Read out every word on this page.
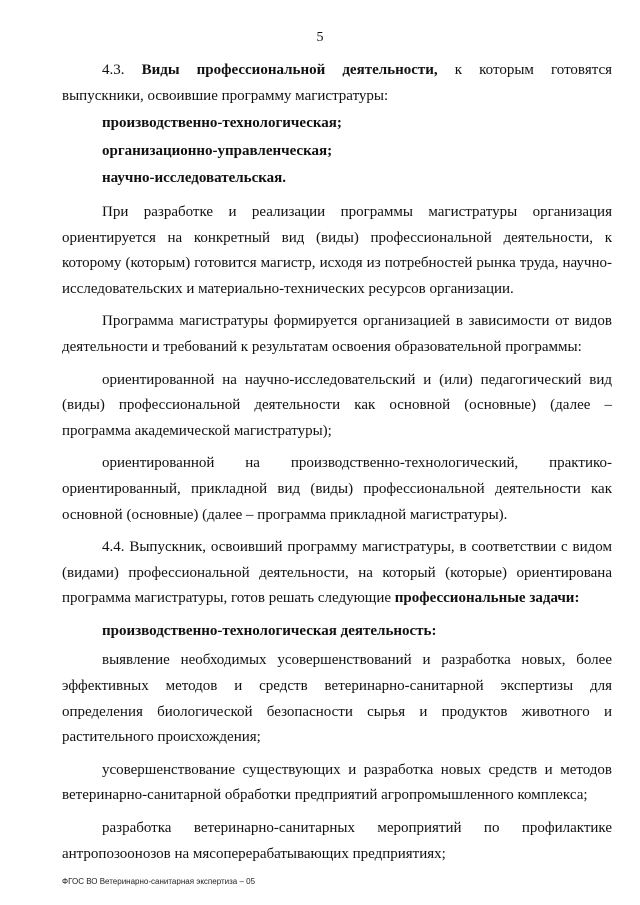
5

4.3. Виды профессиональной деятельности, к которым готовятся выпускники, освоившие программу магистратуры:

производственно-технологическая;
организационно-управленческая;
научно-исследовательская.

При разработке и реализации программы магистратуры организация ориентируется на конкретный вид (виды) профессиональной деятельности, к которому (которым) готовится магистр, исходя из потребностей рынка труда, научно-исследовательских и материально-технических ресурсов организации.

Программа магистратуры формируется организацией в зависимости от видов деятельности и требований к результатам освоения образовательной программы:

ориентированной на научно-исследовательский и (или) педагогический вид (виды) профессиональной деятельности как основной (основные) (далее – программа академической магистратуры);

ориентированной на производственно-технологический, практико-ориентированный, прикладной вид (виды) профессиональной деятельности как основной (основные) (далее – программа прикладной магистратуры).

4.4. Выпускник, освоивший программу магистратуры, в соответствии с видом (видами) профессиональной деятельности, на который (которые) ориентирована программа магистратуры, готов решать следующие профессиональные задачи:

производственно-технологическая деятельность:

выявление необходимых усовершенствований и разработка новых, более эффективных методов и средств ветеринарно-санитарной экспертизы для определения биологической безопасности сырья и продуктов животного и растительного происхождения;

усовершенствование существующих и разработка новых средств и методов ветеринарно-санитарной обработки предприятий агропромышленного комплекса;

разработка ветеринарно-санитарных мероприятий по профилактике антропозоонозов на мясоперерабатывающих предприятиях;

ФГОС ВО Ветеринарно-санитарная экспертиза – 05
